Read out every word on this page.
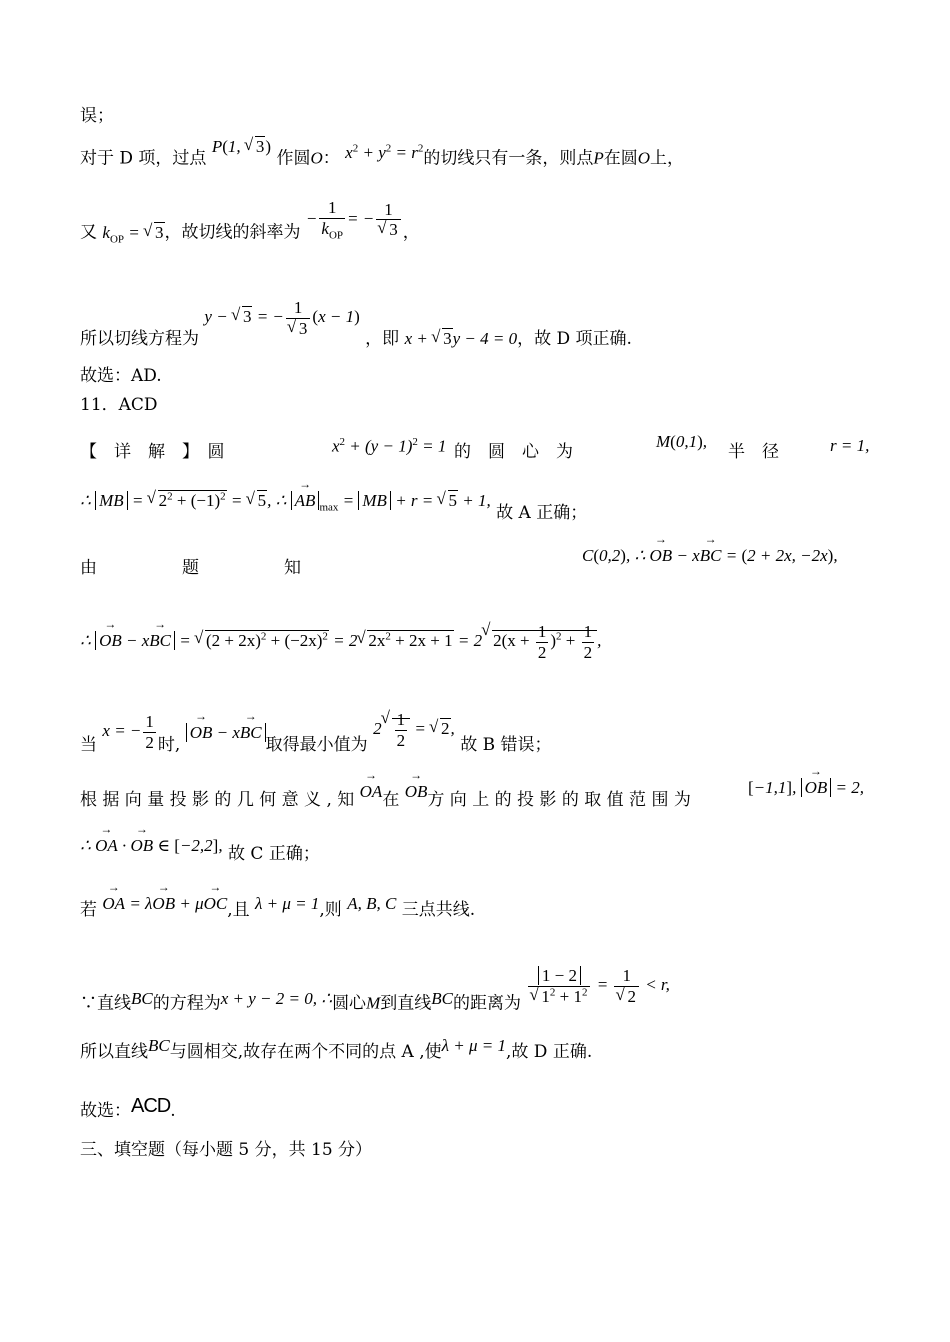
误；
对于 D 项，过点 P(1, √ 3) 作圆O： $x^2 + y^2 = r^2$的切线只有一条，则点P在圆O上，
又 $k_{OP}$ = √ 3，故切线的斜率为 − $\frac{1}{k_{OP}}$ = − 1
√ 3 ，
所以切线方程为 y − √ 3 = − 1
√ 3 (x − 1) ，即 x + √ 3y − 4 = 0，故 D 项正确.
故选：AD.
11．ACD
【　详　解　】　圆	$x^2 + (y - 1)^2 = 1$ 的　圆　心　为
M(0,1),
半　径	r = 1,
∴ MB = √ $2^2 + (-1)^2$ = √ 5, ∴ → AB $_{max}$ = MB + r = √ 5 + 1, 故 A 正确；
由　　　　　题　　　　　知
C(0,2), ∴ → OB − x→ BC = (2 + 2x, −2x),
∴ → OB − x→ BC = √ $(2 + 2x)^2 + (-2x)^2 = 2√$ $2x^2 + 2x + 1 = 2√$ $2(x + \frac{1}{2} )^2 + \frac{1}{2}$ ,
当 x = − $\frac{1}{2}$ 时, → OB − x→ BC取得最小值为 2
√ $\frac{1}{2}$ = √ 2, 故 B 错误；
根 据 向 量 投 影 的 几 何 意 义 , 知 → OA在 → OB方 向 上 的 投 影 的 取 值 范 围 为
[−1,1], → OB = 2,
∴ → OA · → OB ∈ [−2,2], 故 C 正确；
若 → OA = λ→ OB + μ→ OC,且 λ + μ = 1,则 A, B, C 三点共线.
∵直线BC的方程为x + y − 2 = 0, ∴圆心M到直线BC的距离为 1 − 2
√ $1^2 + 1^2 = 1$
√ 2 < r,
所以直线BC与圆相交,故存在两个不同的点 A ,使λ + μ = 1,故 D 正确.
故选：ACD.
三、填空题（每小题 5 分，共 15 分）
